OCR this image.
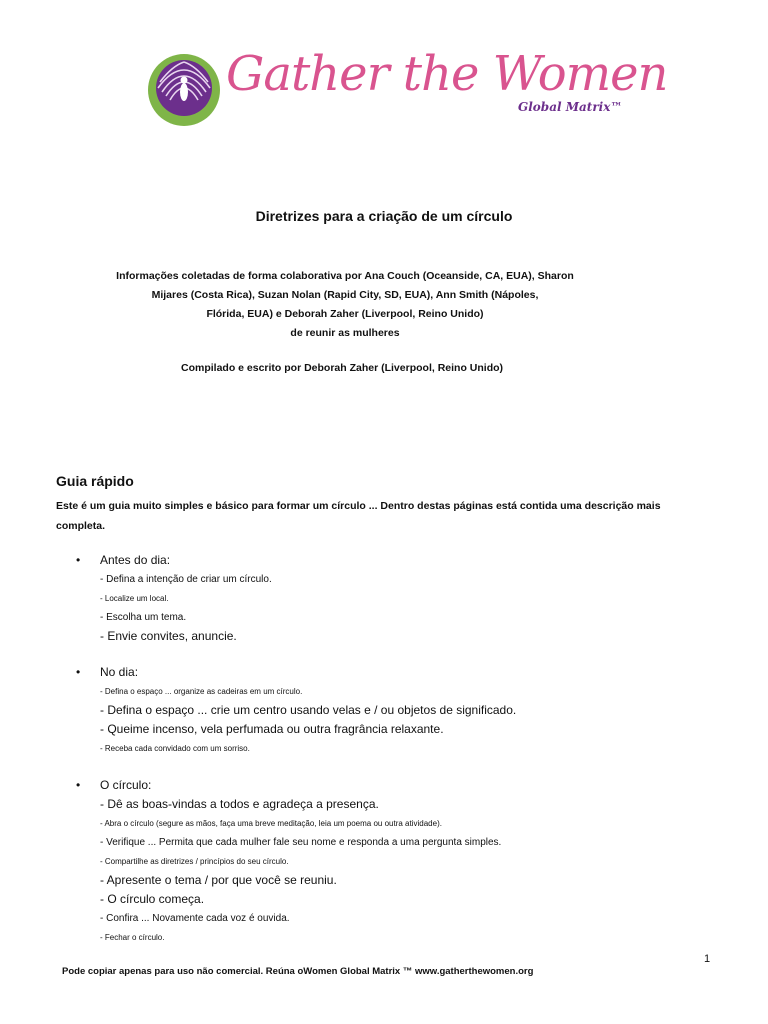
Gather the Women
Global Matrix™
Diretrizes para a criação de um círculo
Informações coletadas de forma colaborativa por Ana Couch (Oceanside, CA, EUA), Sharon
Mijares (Costa Rica), Suzan Nolan (Rapid City, SD, EUA), Ann Smith (Nápoles,
Flórida, EUA) e Deborah Zaher (Liverpool, Reino Unido)
de reunir as mulheres
Compilado e escrito por Deborah Zaher (Liverpool, Reino Unido)
Guia rápido
Este é um guia muito simples e básico para formar um círculo ... Dentro destas páginas está contida uma descrição mais completa.
• Antes do dia:
- Defina a intenção de criar um círculo.
- Localize um local.
- Escolha um tema.
- Envie convites, anuncie.
• No dia:
- Defina o espaço ... organize as cadeiras em um círculo.
- Defina o espaço ... crie um centro usando velas e / ou objetos de significado.
- Queime incenso, vela perfumada ou outra fragrância relaxante.
- Receba cada convidado com um sorriso.
• O círculo:
- Dê as boas-vindas a todos e agradeça a presença.
- Abra o círculo (segure as mãos, faça uma breve meditação, leia um poema ou outra atividade).
- Verifique ... Permita que cada mulher fale seu nome e responda a uma pergunta simples.
- Compartilhe as diretrizes / princípios do seu círculo.
- Apresente o tema / por que você se reuniu.
- O círculo começa.
- Confira ... Novamente cada voz é ouvida.
- Fechar o círculo.
1
Pode copiar apenas para uso não comercial. Reúna oWomen Global Matrix ™ www.gatherthewomen.org
